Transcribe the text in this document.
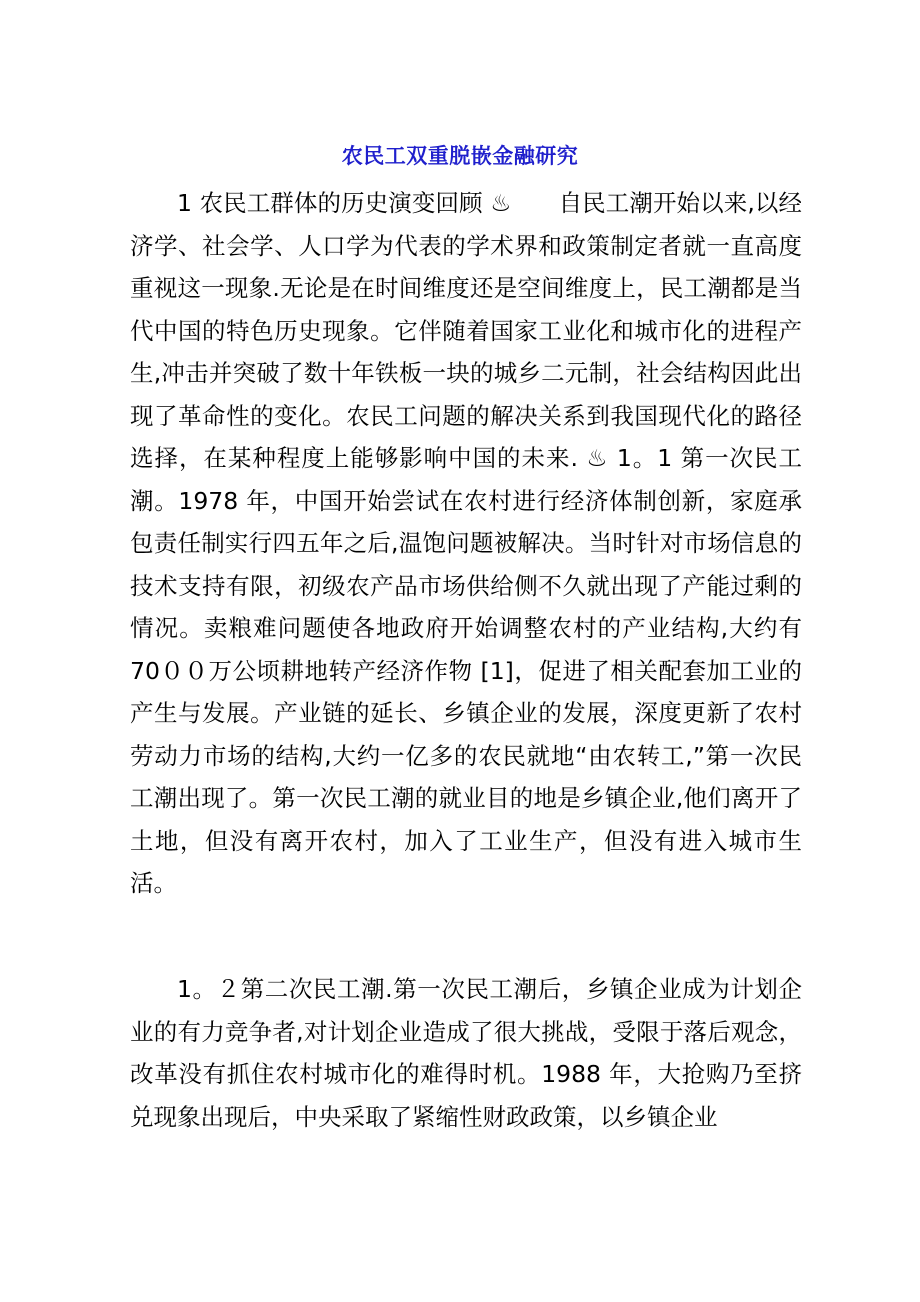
农民工双重脱嵌金融研究

1 农民工群体的历史演变回顾 ♨　　自民工潮开始以来,以经济学、社会学、人口学为代表的学术界和政策制定者就一直高度重视这一现象.无论是在时间维度还是空间维度上，民工潮都是当代中国的特色历史现象。它伴随着国家工业化和城市化的进程产生,冲击并突破了数十年铁板一块的城乡二元制，社会结构因此出现了革命性的变化。农民工问题的解决关系到我国现代化的路径选择，在某种程度上能够影响中国的未来. ♨ 1。1 第一次民工潮。1978 年，中国开始尝试在农村进行经济体制创新，家庭承包责任制实行四五年之后,温饱问题被解决。当时针对市场信息的技术支持有限，初级农产品市场供给侧不久就出现了产能过剩的情况。卖粮难问题使各地政府开始调整农村的产业结构,大约有 70００万公顷耕地转产经济作物 [1]，促进了相关配套加工业的产生与发展。产业链的延长、乡镇企业的发展，深度更新了农村劳动力市场的结构,大约一亿多的农民就地“由农转工,”第一次民工潮出现了。第一次民工潮的就业目的地是乡镇企业,他们离开了土地，但没有离开农村，加入了工业生产，但没有进入城市生活。

1。２第二次民工潮.第一次民工潮后，乡镇企业成为计划企业的有力竞争者,对计划企业造成了很大挑战，受限于落后观念，改革没有抓住农村城市化的难得时机。1988 年，大抢购乃至挤兑现象出现后，中央采取了紧缩性财政政策，以乡镇企业
